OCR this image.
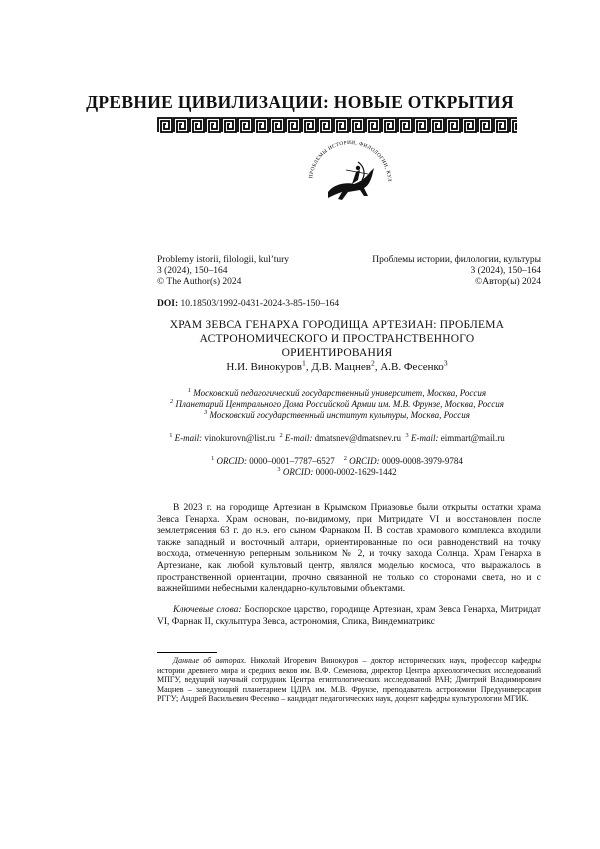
ДРЕВНИЕ ЦИВИЛИЗАЦИИ: НОВЫЕ ОТКРЫТИЯ
ПРОБЛЕМЫ ИСТОРИИ, ФИЛОЛОГИИ, КУЛЬТУРЫ
Problemy istorii, filologii, kul’tury
3 (2024), 150–164
© The Author(s) 2024
Проблемы истории, филологии, культуры
3 (2024), 150–164
©Автор(ы) 2024
DOI: 10.18503/1992-0431-2024-3-85-150–164
ХРАМ ЗЕВСА ГЕНАРХА ГОРОДИЩА АРТЕЗИАН: ПРОБЛЕМА
АСТРОНОМИЧЕСКОГО И ПРОСТРАНСТВЕННОГО
ОРИЕНТИРОВАНИЯ
Н.И. Винокуров1, Д.В. Мацнев2, А.В. Фесенко3
1 Московский педагогический государственный университет, Москва, Россия
2 Планетарий Центрального Дома Российской Армии им. М.В. Фрунзе, Москва, Россия
3 Московский государственный институт культуры, Москва, Россия
1 E-mail: vinokurovn@list.ru 2 E-mail: dmatsnev@dmatsnev.ru 3 E-mail: eimmart@mail.ru
1 ORCID: 0000–0001–7787–6527 2 ORCID: 0009-0008-3979-9784
3 ORCID: 0000-0002-1629-1442

В 2023 г. на городище Артезиан в Крымском Приазовье были открыты остатки храма Зевса Генарха. Храм основан, по-видимому, при Митридате VI и восстановлен после землетрясения 63 г. до н.э. его сыном Фарнаком II. В состав храмового комплекса входили также западный и восточный алтари, ориентированные по оси равноденствий на точку восхода, отмеченную реперным зольником № 2, и точку захода Солнца. Храм Генарха в Артезиане, как любой культовый центр, являлся моделью космоса, что выражалось в пространственной ориентации, прочно связанной не только со сторонами света, но и с важнейшими небесными календарно-культовыми объектами.

Ключевые слова: Боспорское царство, городище Артезиан, храм Зевса Генарха, Митридат VI, Фарнак II, скульптура Зевса, астрономия, Спика, Виндемиатрикс

Данные об авторах. Николай Игоревич Винокуров – доктор исторических наук, профессор кафедры истории древнего мира и средних веков им. В.Ф. Семенова, директор Центра археологических исследований МПГУ, ведущий научный сотрудник Центра египтологических исследований РАН; Дмитрий Владимирович Мацнев – заведующий планетарием ЦДРА им. М.В. Фрунзе, преподаватель астрономии Предуниверсария РГГУ; Андрей Васильевич Фесенко – кандидат педагогических наук, доцент кафедры культурологии МГИК.
